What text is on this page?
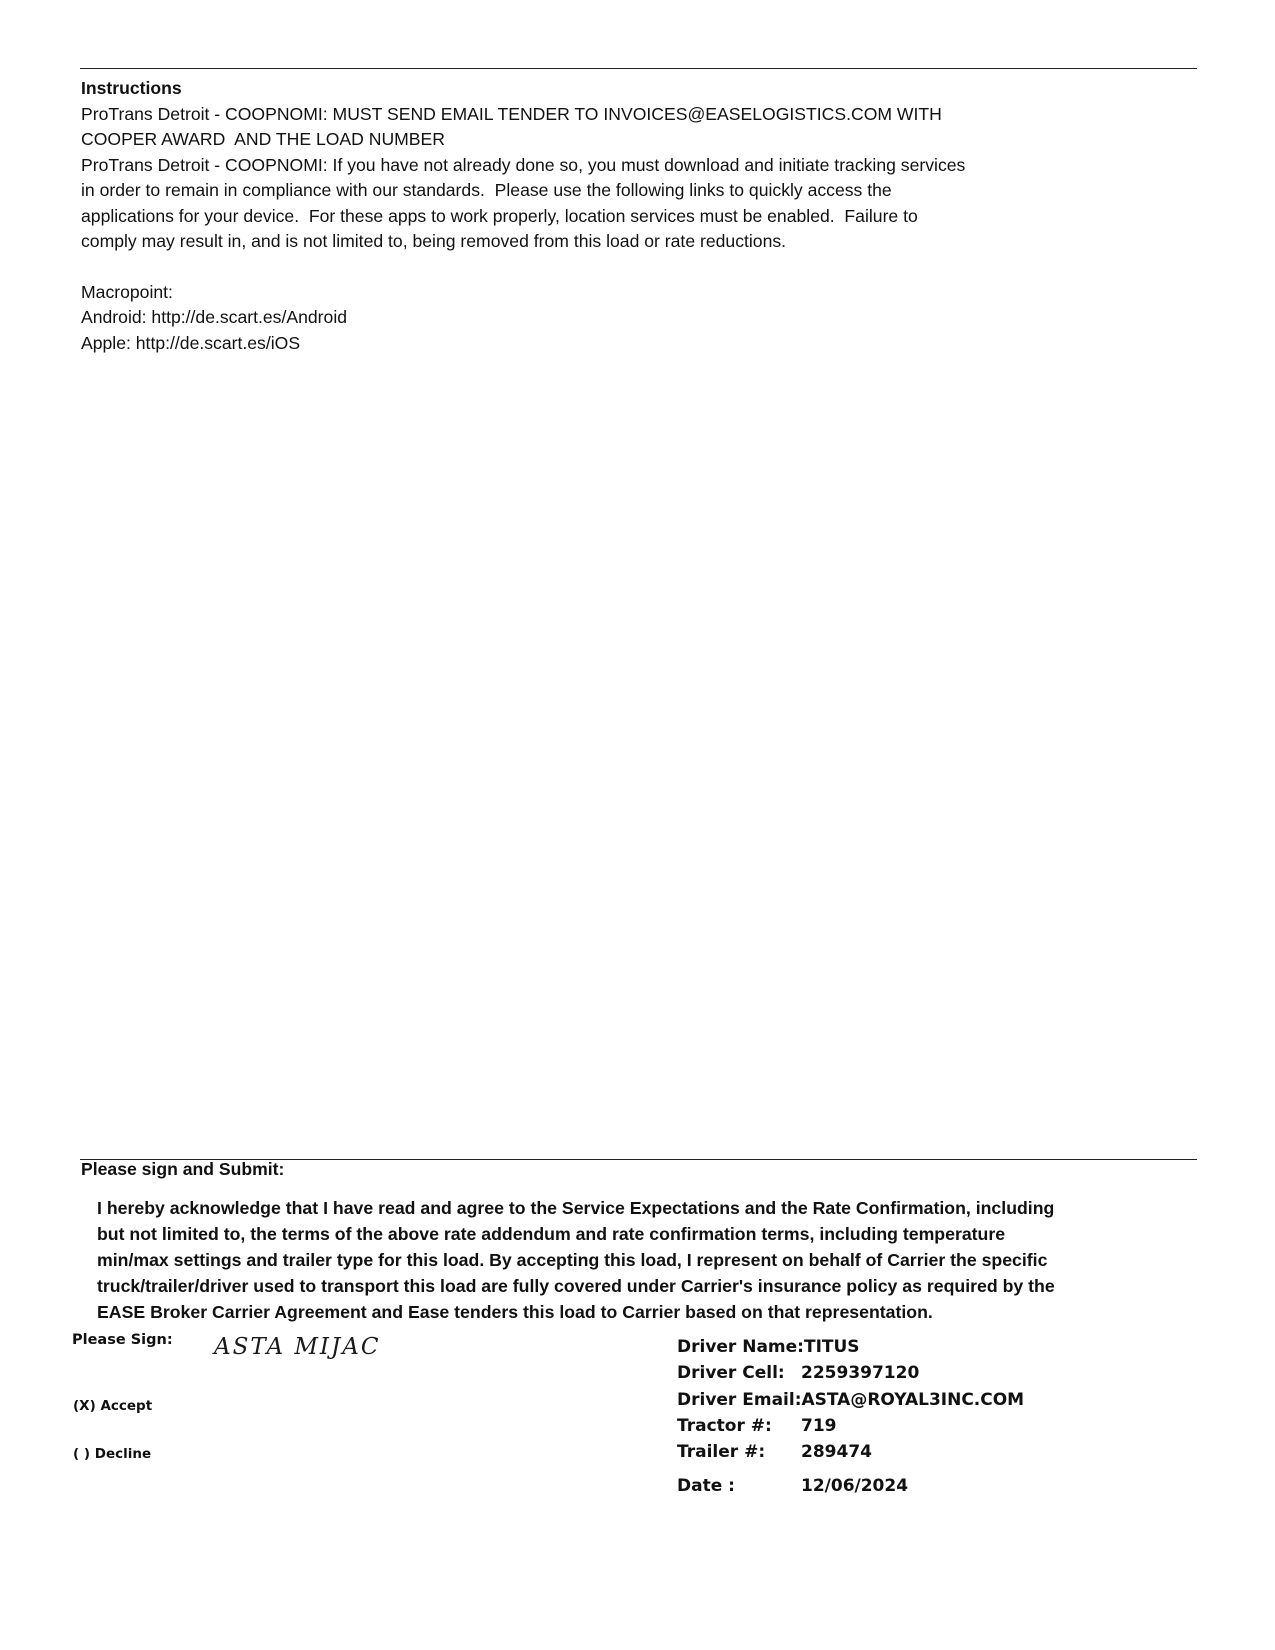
Instructions
ProTrans Detroit - COOPNOMI: MUST SEND EMAIL TENDER TO INVOICES@EASELOGISTICS.COM WITH
COOPER AWARD  AND THE LOAD NUMBER
ProTrans Detroit - COOPNOMI: If you have not already done so, you must download and initiate tracking services
in order to remain in compliance with our standards.  Please use the following links to quickly access the
applications for your device.  For these apps to work properly, location services must be enabled.  Failure to
comply may result in, and is not limited to, being removed from this load or rate reductions.
Macropoint:
Android: http://de.scart.es/Android
Apple: http://de.scart.es/iOS
Please sign and Submit:
I hereby acknowledge that I have read and agree to the Service Expectations and the Rate Confirmation, including
but not limited to, the terms of the above rate addendum and rate confirmation terms, including temperature
min/max settings and trailer type for this load. By accepting this load, I represent on behalf of Carrier the specific
truck/trailer/driver used to transport this load are fully covered under Carrier's insurance policy as required by the
EASE Broker Carrier Agreement and Ease tenders this load to Carrier based on that representation.
Please Sign: ASTA MIJAC
(X) Accept
( ) Decline
Driver Name: TITUS
Driver Cell: 2259397120
Driver Email: ASTA@ROYAL3INC.COM
Tractor #:	719
Trailer #:	289474
Date :	12/06/2024
